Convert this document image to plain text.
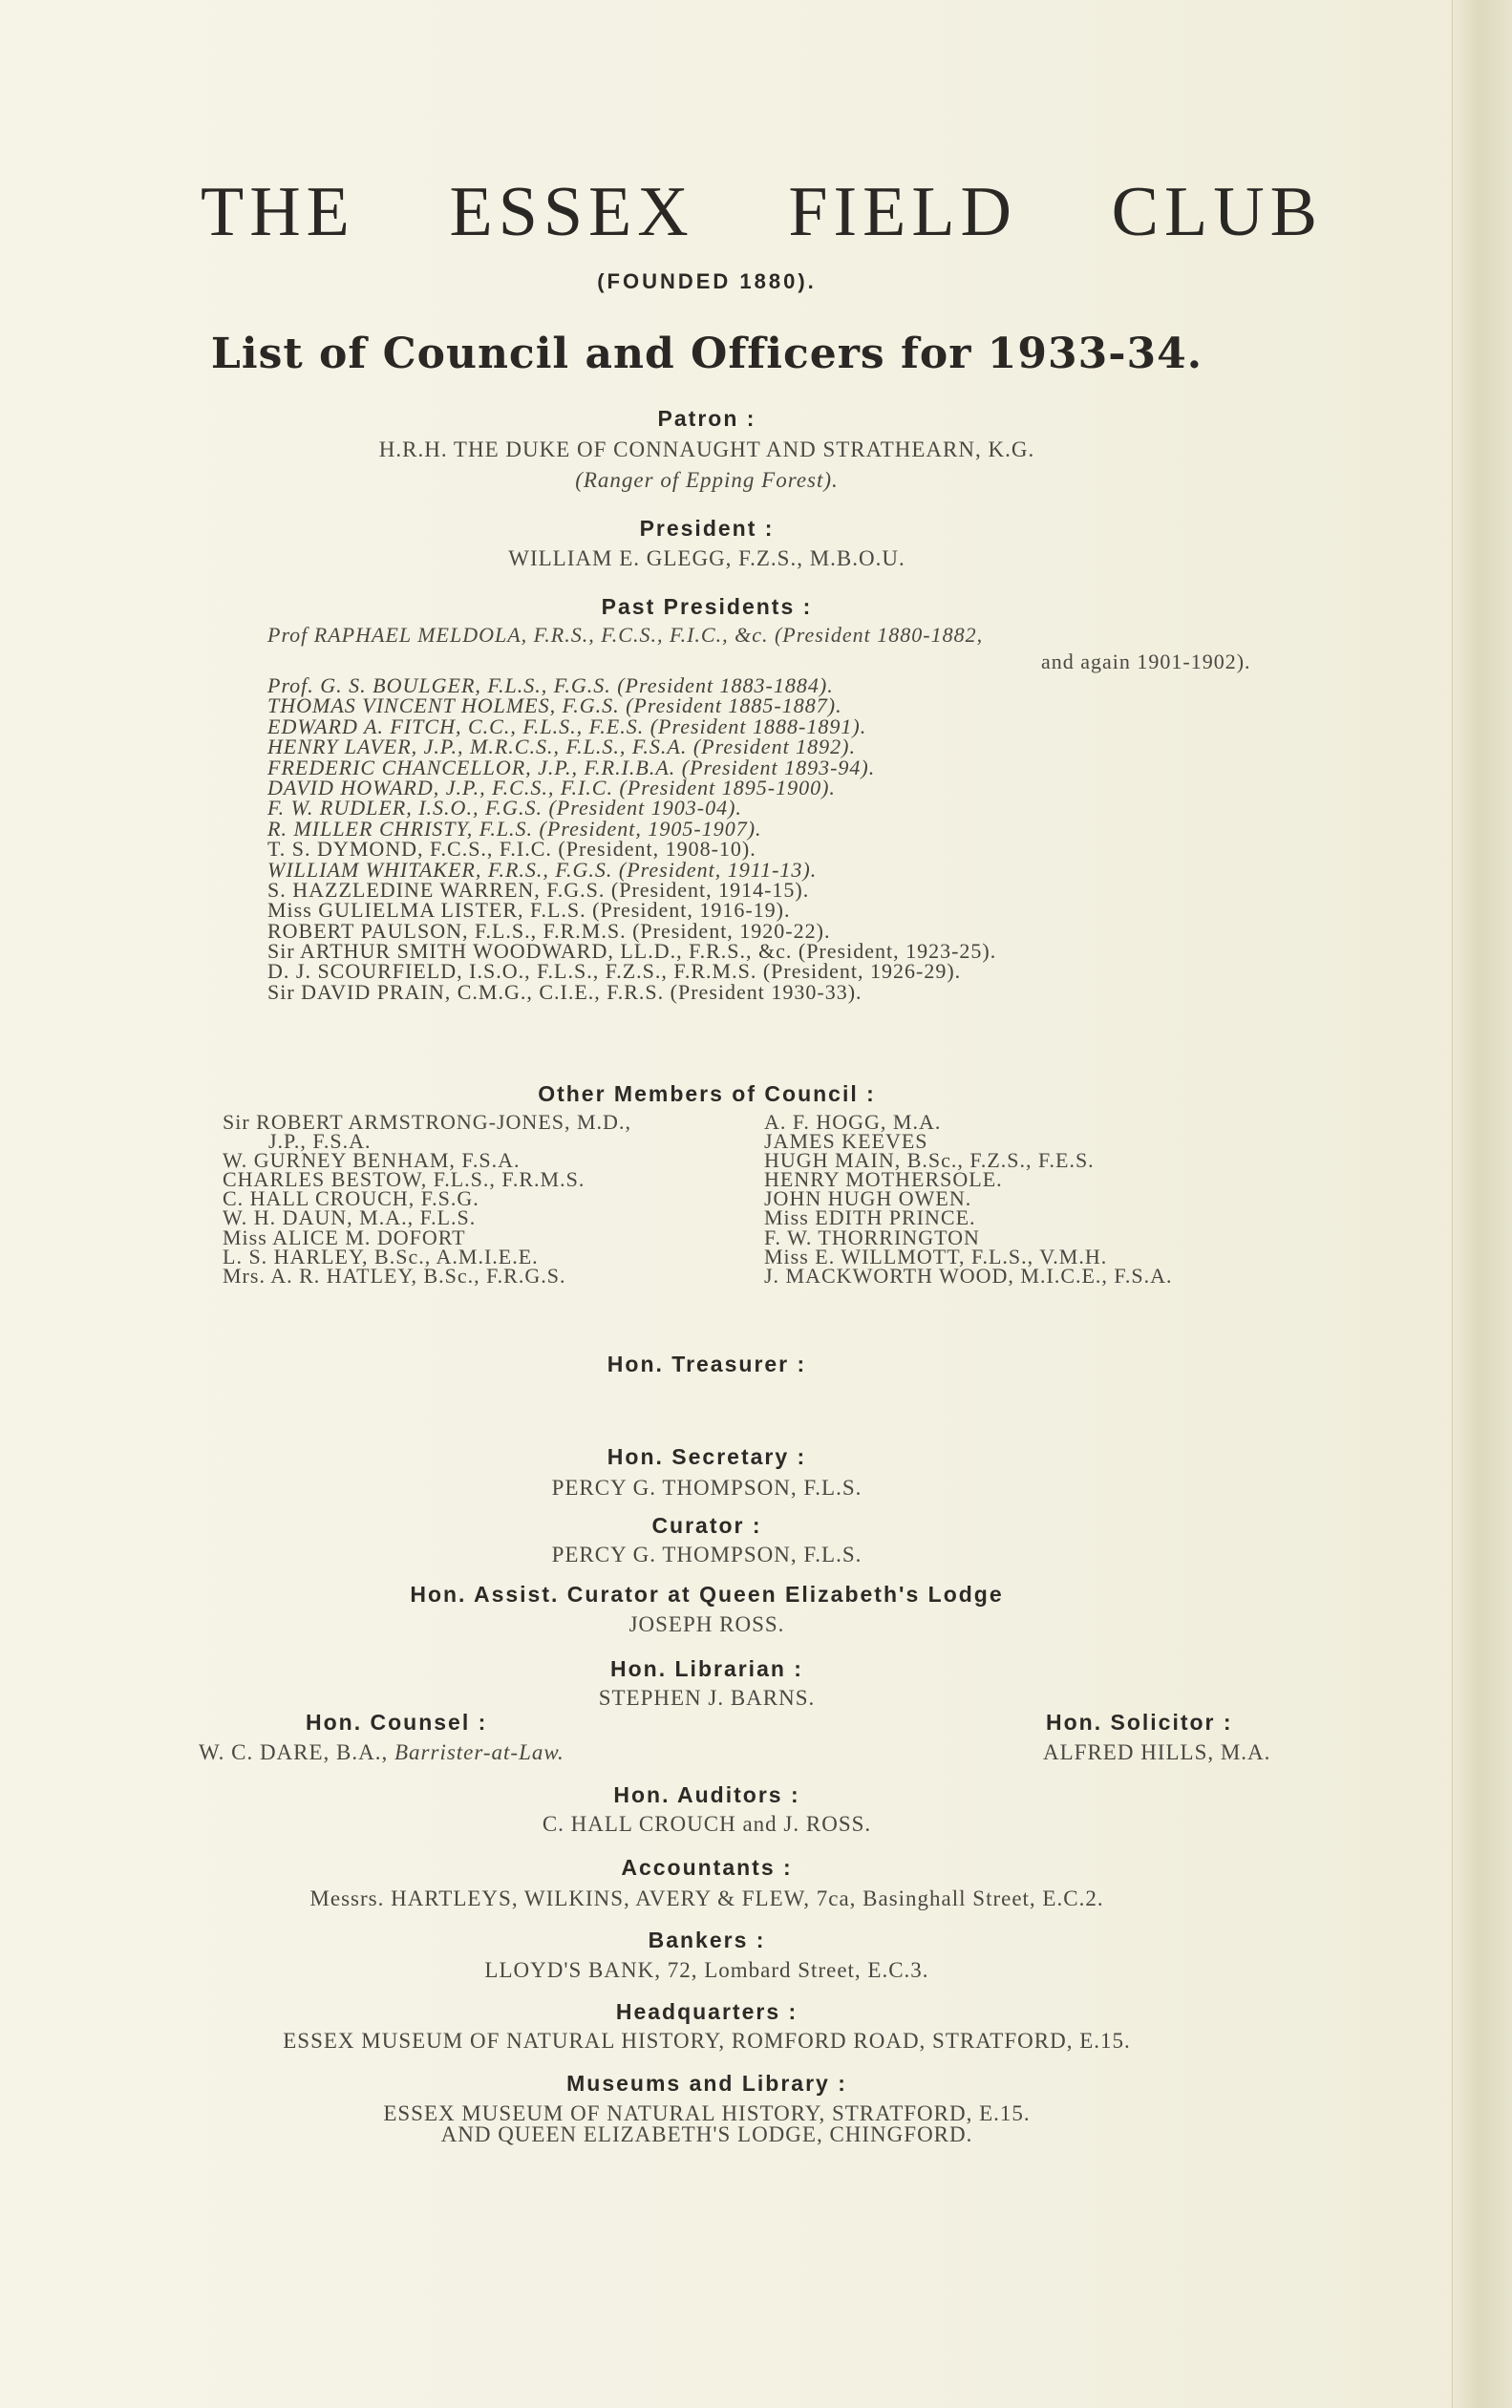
THE ESSEX FIELD CLUB
(FOUNDED 1880).
List of Council and Officers for 1933-34.
Patron :
H.R.H. THE DUKE OF CONNAUGHT AND STRATHEARN, K.G.
(Ranger of Epping Forest).
President :
WILLIAM E. GLEGG, F.Z.S., M.B.O.U.
Past Presidents :
Prof RAPHAEL MELDOLA, F.R.S., F.C.S., F.I.C., &c. (President 1880-1882,
and again 1901-1902).
Prof. G. S. BOULGER, F.L.S., F.G.S. (President 1883-1884).
THOMAS VINCENT HOLMES, F.G.S. (President 1885-1887).
EDWARD A. FITCH, C.C., F.L.S., F.E.S. (President 1888-1891).
HENRY LAVER, J.P., M.R.C.S., F.L.S., F.S.A. (President 1892).
FREDERIC CHANCELLOR, J.P., F.R.I.B.A. (President 1893-94).
DAVID HOWARD, J.P., F.C.S., F.I.C. (President 1895-1900).
F. W. RUDLER, I.S.O., F.G.S. (President 1903-04).
R. MILLER CHRISTY, F.L.S. (President, 1905-1907).
T. S. DYMOND, F.C.S., F.I.C. (President, 1908-10).
WILLIAM WHITAKER, F.R.S., F.G.S. (President, 1911-13).
S. HAZZLEDINE WARREN, F.G.S. (President, 1914-15).
Miss GULIELMA LISTER, F.L.S. (President, 1916-19).
ROBERT PAULSON, F.L.S., F.R.M.S. (President, 1920-22).
Sir ARTHUR SMITH WOODWARD, LL.D., F.R.S., &c. (President, 1923-25).
D. J. SCOURFIELD, I.S.O., F.L.S., F.Z.S., F.R.M.S. (President, 1926-29).
Sir DAVID PRAIN, C.M.G., C.I.E., F.R.S. (President 1930-33).
Other Members of Council :
Sir ROBERT ARMSTRONG-JONES, M.D.,
J.P., F.S.A.
W. GURNEY BENHAM, F.S.A.
CHARLES BESTOW, F.L.S., F.R.M.S.
C. HALL CROUCH, F.S.G.
W. H. DAUN, M.A., F.L.S.
Miss ALICE M. DOFORT
L. S. HARLEY, B.Sc., A.M.I.E.E.
Mrs. A. R. HATLEY, B.Sc., F.R.G.S.
A. F. HOGG, M.A.
JAMES KEEVES
HUGH MAIN, B.Sc., F.Z.S., F.E.S.
HENRY MOTHERSOLE.
JOHN HUGH OWEN.
Miss EDITH PRINCE.
F. W. THORRINGTON
Miss E. WILLMOTT, F.L.S., V.M.H.
J. MACKWORTH WOOD, M.I.C.E., F.S.A.
Hon. Treasurer :
Hon. Secretary :
PERCY G. THOMPSON, F.L.S.
Curator :
PERCY G. THOMPSON, F.L.S.
Hon. Assist. Curator at Queen Elizabeth's Lodge
JOSEPH ROSS.
Hon. Librarian :
STEPHEN J. BARNS.
Hon. Counsel :
W. C. DARE, B.A., Barrister-at-Law.
Hon. Solicitor :
ALFRED HILLS, M.A.
Hon. Auditors :
C. HALL CROUCH and J. ROSS.
Accountants :
Messrs. HARTLEYS, WILKINS, AVERY & FLEW, 7ca, Basinghall Street, E.C.2.
Bankers :
LLOYD'S BANK, 72, Lombard Street, E.C.3.
Headquarters :
ESSEX MUSEUM OF NATURAL HISTORY, ROMFORD ROAD, STRATFORD, E.15.
Museums and Library :
ESSEX MUSEUM OF NATURAL HISTORY, STRATFORD, E.15.
AND QUEEN ELIZABETH'S LODGE, CHINGFORD.
